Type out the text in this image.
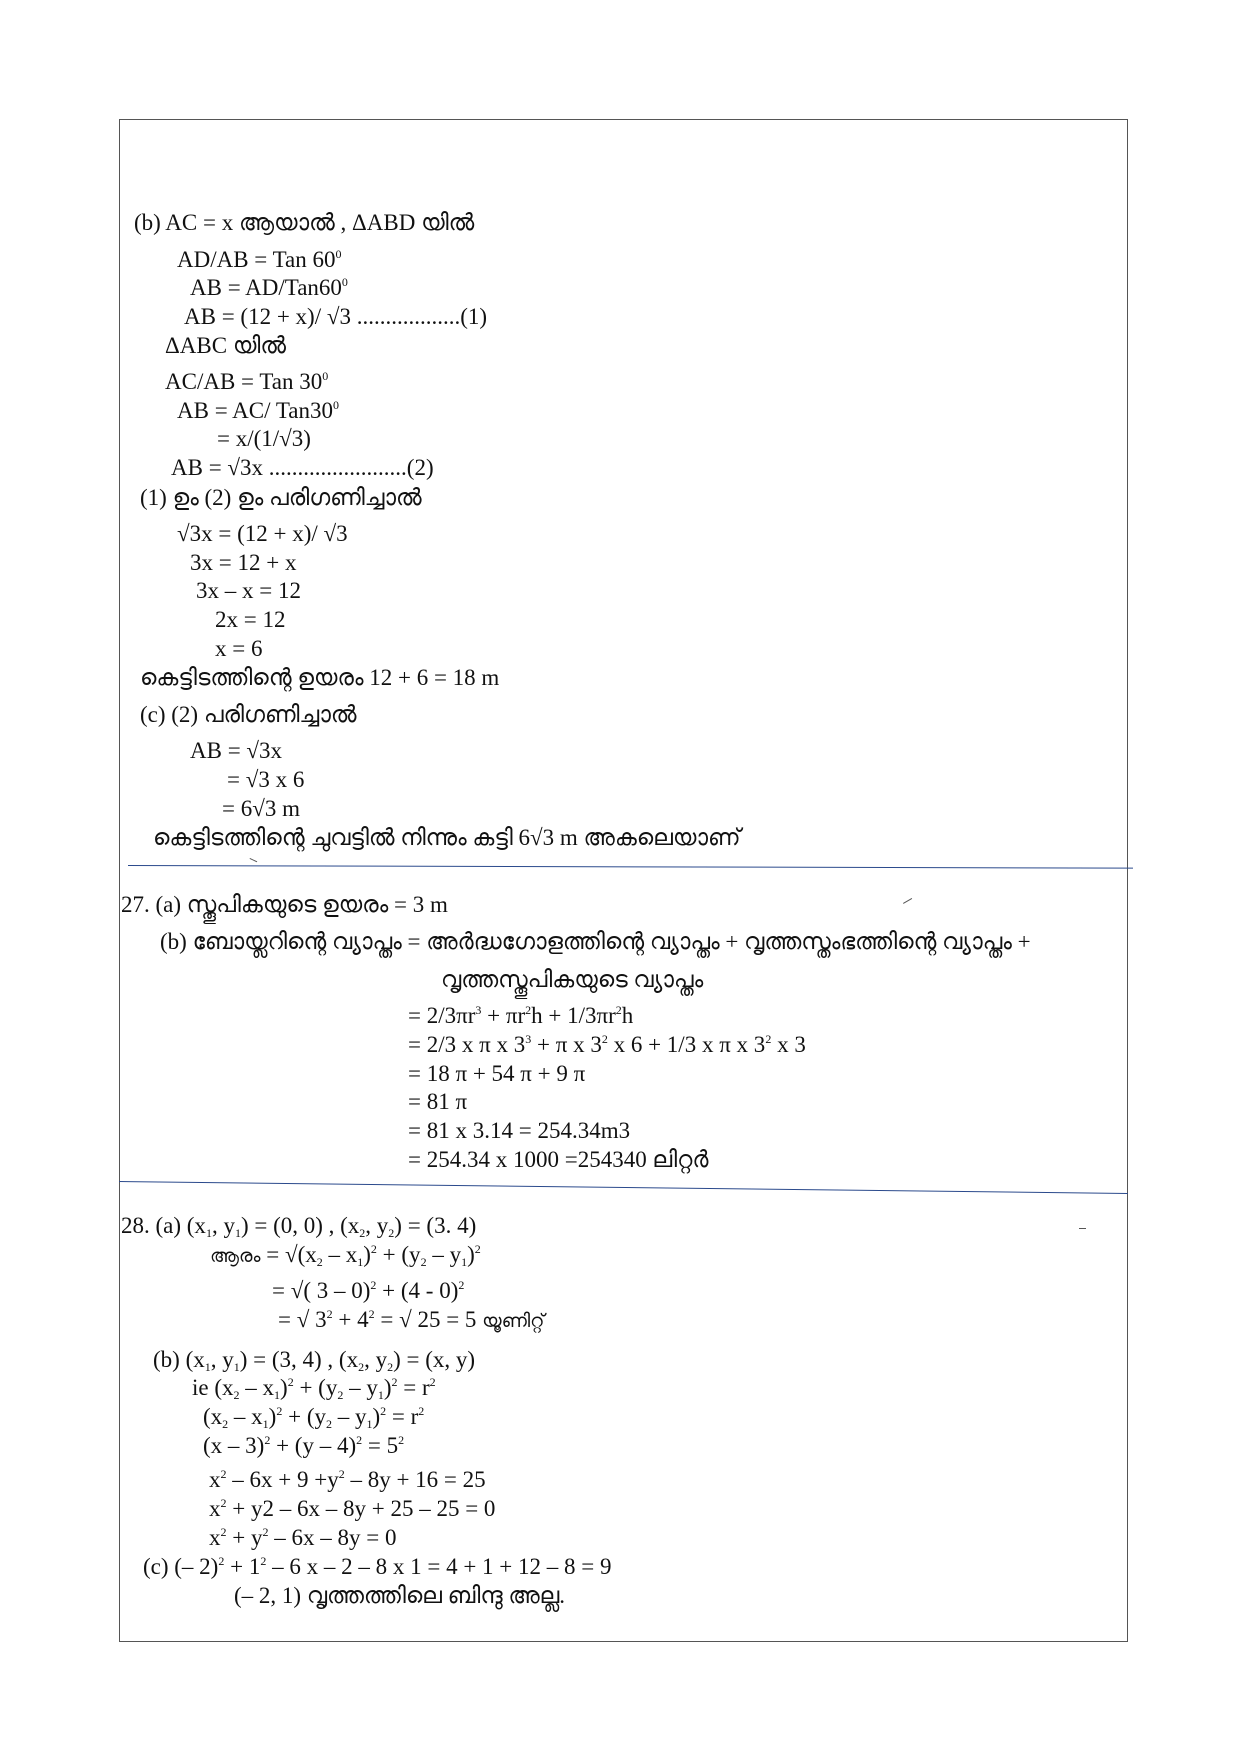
(b) AC = x ആയാൽ , ΔABD യിൽ
AD/AB = Tan $60^0$
AB = $AD/Tan60^0$
AB = (12 + x)/ √3 ..................(1)
ΔABC യിൽ
AC/AB = Tan $30^0$
AB = AC/ $Tan30^0$
= x/(1/√3)
AB = √3x ........................(2)
(1) ഉം (2) ഉം പരിഗണിച്ചാൽ
√3x = (12 + x)/ √3
3x = 12 + x
3x – x = 12
2x = 12
x = 6
കെട്ടിടത്തിന്റെ ഉയരം 12 + 6 = 18 m
(c) (2) പരിഗണിച്ചാൽ
AB = √3x
= √3 x 6
= 6√3 m
കെട്ടിടത്തിന്റെ ചുവട്ടിൽ നിന്നും കട്ടി 6√3 m അകലെയാണ്
27. (a) സ്തൂപികയുടെ ഉയരം = 3 m
(b) ബോയ്ലറിന്റെ വ്യാപ്തം = അർദ്ധഗോളത്തിന്റെ വ്യാപ്തം + വൃത്തസ്തംഭത്തിന്റെ വ്യാപ്തം +
വൃത്തസ്തൂപികയുടെ വ്യാപ്തം
= $2/3\pi r^3 + \pi r^2h + 1/3\pi r^2h$
= 2/3 x π x $3^3 + \pi$ x $3^2$ x 6 + 1/3 x π x $3^2$ x 3
= 18 π + 54 π + 9 π
= 81 π
= 81 x 3.14 = 254.34m3
= 254.34 x 1000 =254340 ലിറ്റർ
28. (a) ($x_1$, $y_1) = (0$, 0) , ($x_2$, $y_2) = (3$. 4)
ആരം = $√(x_2 - x_1)^2 + (y_2 - y_1)^2$
= √( 3 – 0)$^2$ + (4 - 0)$^2$
= √ $3^2 + 4^2$ = √ 25 = 5 യൂണിറ്റ്
(b) ($x_1$, $y_1) = (3$, 4) , ($x_2$, $y_2) = (x$, y)
ie $(x_2 - x_1)^2 + (y_2 - y_1)^2 = r^2$
$(x_2 - x_1)^2 + (y_2 - y_1)^2 = r^2$
$(x - 3)^2 + (y - 4)^2 = 5^2$
$x^2 - 6x + 9 +y^2 - 8y + 16 = 25$
$x^2 + y2 - 6x - 8y + 25 - 25 = 0$
$x^2 + y^2 - 6x - 8y = 0$
(c) (– $2)^2 + 1^2 - 6$ x – 2 – 8 x 1 = 4 + 1 + 12 – 8 = 9
(– 2, 1) വൃത്തത്തിലെ ബിന്ദു അല്ല.
